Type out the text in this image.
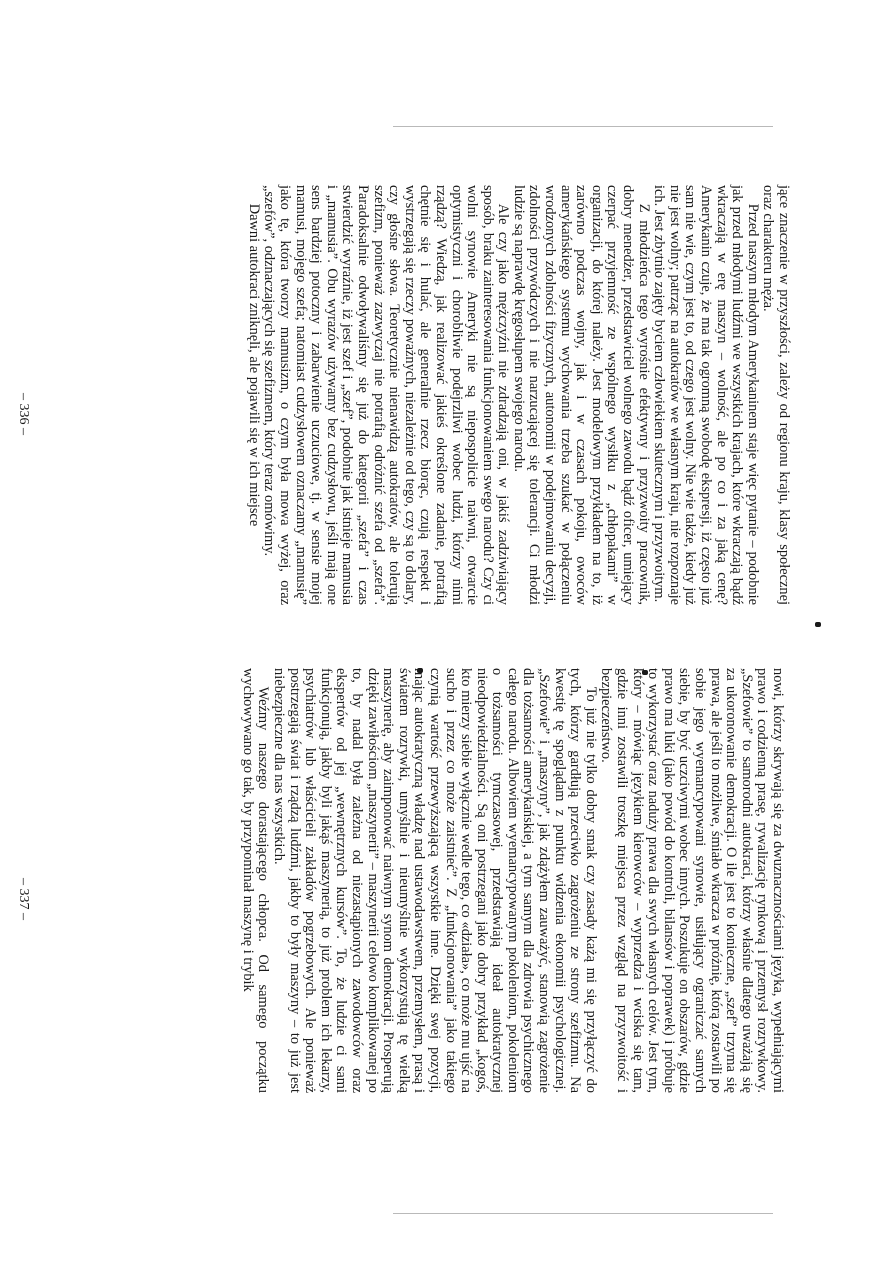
jące znaczenie w przyszłości, zależy od regionu kraju, klasy społecznej oraz charakteru męża.

Przed naszym młodym Amerykaninem staje więc pytanie – podobnie jak przed młodymi ludźmi we wszystkich krajach, które wkraczają bądź wkraczają w erę maszyn – wolność, ale po co i za jaką cenę? Amerykanin czuje, że ma tak ogromną swobodę ekspresji, iż często już sam nie wie, czym jest to, od czego jest wolny. Nie wie także, kiedy już nie jest wolny; patrząc na autokratów we własnym kraju, nie rozpoznaje ich. Jest zbytnio zajęty byciem człowiekiem skutecznym i przyzwoitym.

Z młodzieńca tego wyrośnie efektywny i przyzwoity pracownik, dobry menedżer, przedstawiciel wolnego zawodu bądź oficer, umiejący czerpać przyjemność ze wspólnego wysiłku z „chłopakami” w organizacji, do której należy. Jest modelowym przykładem na to, iż zarówno podczas wojny, jak i w czasach pokoju, owoców amerykańskiego systemu wychowania trzeba szukać w połączeniu wrodzonych zdolności fizycznych, autonomii w podejmowaniu decyzji, zdolności przywódczych i nie narzucającej się tolerancji. Ci młodzi ludzie są naprawdę kręgosłupem swojego narodu.

Ale czy jako mężczyźni nie zdradzają oni, w jakiś zadziwiający sposób, braku zainteresowania funkcjonowaniem swego narodu? Czy ci wolni synowie Ameryki nie są niepospolicie naiwni, otwarcie optymistyczni i chorobliwie podejrzliwi wobec ludzi, którzy nimi rządzą? Wiedzą, jak realizować jakieś określone zadanie, potrafią chętnie się i hulać, ale generalnie rzecz biorąc, czują respekt i wystrzegają się rzeczy poważnych, niezależnie od tego, czy są to dolary, czy głośne słowa. Teoretycznie nienawidzą autokratów, ale tolerują szefizm, ponieważ zazwyczaj nie potrafią odróżnić szefa od „szefa”. Paradoksalnie odwoływaliśmy się już do kategorii „szefa” i czas stwierdzić wyraźnie, iż jest szef i „szef”, podobnie jak istnieje mamusia i „mamusia”. Obu wyrazów używamy bez cudzysłowu, jeśli mają one sens bardziej potoczny i zabarwienie uczuciowe, tj. w sensie mojej mamusi, mojego szefa; natomiast cudzysłowem oznaczamy „mamusię” jako tę, która tworzy mamusizm, o czym była mowa wyżej, oraz „szefów”, odznaczających się szefizmem, który teraz omówimy.

Dawni autokraci zniknęli, ale pojawili się w ich miejsce

– 336 –

nowi, którzy skrywają się za dwuznacznościami języka, wypełniającymi prawo i codzienną prasę, rywalizację rynkową i przemysł rozrywkowy. „Szefowie” to samorodni autokraci, którzy właśnie dlatego uważają się za ukoronowanie demokracji. O ile jest to konieczne, „szef” trzyma się prawa, ale jeśli to możliwe, śmiało wkracza w próżnię, którą zostawili po sobie jego wyemancypowani synowie, usiłujący ograniczać samych siebie, by być uczciwymi wobec innych. Poszukuje on obszarów, gdzie prawo ma luki (jako powód do kontroli, bilansów i poprawek) i próbuje to wykorzystać oraz naduży prawa dla swych własnych celów. Jest tym, który – mówiąc językiem kierowców – wyprzedza i wciska się tam, gdzie inni zostawili troszkę miejsca przez wzgląd na przyzwoitość i bezpieczeństwo.

To już nie tylko dobry smak czy zasady każą mi się przyłączyć do tych, którzy gardłują przeciwko zagrożeniu ze strony szefizmu. Na kwestię tę spoglądam z punktu widzenia ekonomii psychologicznej. „Szefowie” i „maszyny”, jak zdążyłem zauważyć, stanowią zagrożenie dla tożsamości amerykańskiej, a tym samym dla zdrowia psychicznego całego narodu. Albowiem wyemancypowanym pokoleniom, pokoleniom o tożsamości tymczasowej, przedstawiają ideał autokratycznej nieodpowiedzialności. Są oni postrzegani jako dobry przykład „kogoś, kto mierzy siebie wyłącznie wedle tego, co «działa», co może mu ujść na sucho i przez co może zaistnieć”. Z „funkcjonowania” jako takiego czynią wartość przewyższającą wszystkie inne. Dzięki swej pozycji, mając autokratyczną władzę nad ustawodawstwem, przemysłem, prasą i światem rozrywki, umyślnie i nieumyślnie wykorzystują tę wielką maszynerię, aby zaimponować naiwnym synom demokracji. Prosperują dzięki zawiłościom „maszynerii” – maszynerii celowo komplikowanej po to, by nadal była zależna od niezastąpionych zawodowców oraz ekspertów od jej „wewnętrznych kursów”. To, że ludzie ci sami funkcjonują, jakby byli jakąś maszynerią, to już problem ich lekarzy, psychiatrów lub właścicieli zakładów pogrzebowych. Ale ponieważ postrzegają świat i rządzą ludźmi, jakby to były maszyny – to już jest niebezpieczne dla nas wszystkich.

Weźmy naszego dorastającego chłopca. Od samego początku wychowywano go tak, by przypominał maszynę i trybik

– 337 –
